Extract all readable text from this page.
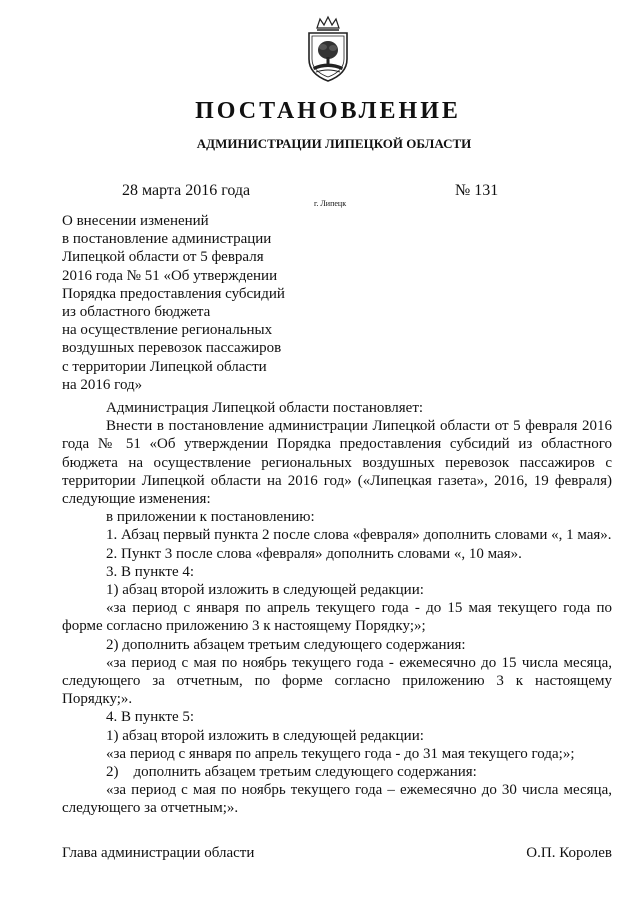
ПОСТАНОВЛЕНИЕ
АДМИНИСТРАЦИИ ЛИПЕЦКОЙ ОБЛАСТИ
28 марта 2016 года
г. Липецк
№ 131
О внесении изменений
в постановление администрации
Липецкой области от 5 февраля
2016 года № 51 «Об утверждении
Порядка предоставления субсидий
из областного бюджета
на осуществление региональных
воздушных перевозок пассажиров
с территории Липецкой области
на 2016 год»
Администрация Липецкой области постановляет:
Внести в постановление администрации Липецкой области от 5 февраля 2016 года № 51 «Об утверждении Порядка предоставления субсидий из областного бюджета на осуществление региональных воздушных перевозок пассажиров с территории Липецкой области на 2016 год» («Липецкая газета», 2016, 19 февраля) следующие изменения:
в приложении к постановлению:
1. Абзац первый пункта 2 после слова «февраля» дополнить словами «, 1 мая».
2. Пункт 3 после слова «февраля» дополнить словами «, 10 мая».
3. В пункте 4:
1) абзац второй изложить в следующей редакции:
«за период с января по апрель текущего года - до 15 мая текущего года по форме согласно приложению 3 к настоящему Порядку;»;
2) дополнить абзацем третьим следующего содержания:
«за период с мая по ноябрь текущего года - ежемесячно до 15 числа месяца, следующего за отчетным, по форме согласно приложению 3 к настоящему Порядку;».
4. В пункте 5:
1) абзац второй изложить в следующей редакции:
«за период с января по апрель текущего года - до 31 мая текущего года;»;
2)    дополнить абзацем третьим следующего содержания:
«за период с мая по ноябрь текущего года – ежемесячно до 30 числа месяца, следующего за отчетным;».
Глава администрации области	О.П. Королев
